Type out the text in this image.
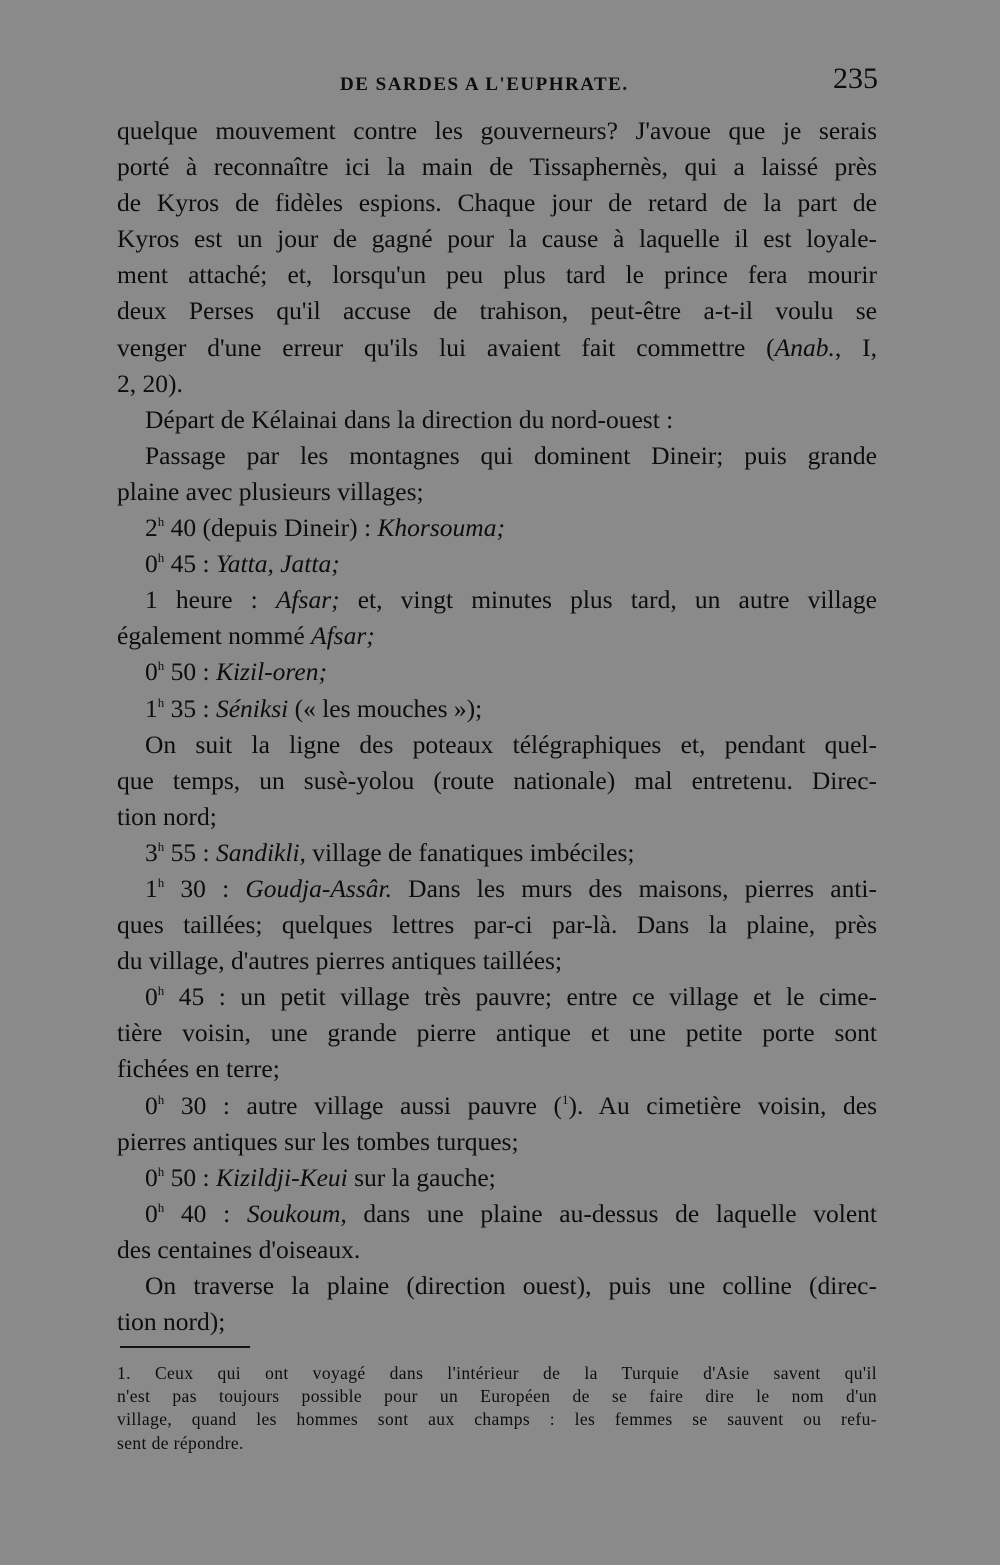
DE SARDES A L'EUPHRATE.	235
quelque mouvement contre les gouverneurs? J'avoue que je serais
porté à reconnaître ici la main de Tissaphernès, qui a laissé près
de Kyros de fidèles espions. Chaque jour de retard de la part de
Kyros est un jour de gagné pour la cause à laquelle il est loyale-
ment attaché; et, lorsqu'un peu plus tard le prince fera mourir
deux Perses qu'il accuse de trahison, peut-être a-t-il voulu se
venger d'une erreur qu'ils lui avaient fait commettre (Anab., I,
2, 20).
Départ de Kélainai dans la direction du nord-ouest :
Passage par les montagnes qui dominent Dineir; puis grande
plaine avec plusieurs villages;
2$^h$ 40 (depuis Dineir) : Khorsouma;
0$^h$ 45 : Yatta, Jatta;
1 heure : Afsar; et, vingt minutes plus tard, un autre village
également nommé Afsar;
0$^h$ 50 : Kizil-oren;
1$^h$ 35 : Séniksi (« les mouches »);
On suit la ligne des poteaux télégraphiques et, pendant quel-
que temps, un susè-yolou (route nationale) mal entretenu. Direc-
tion nord;
3$^h$ 55 : Sandikli, village de fanatiques imbéciles;
1$^h$ 30 : Goudja-Assâr. Dans les murs des maisons, pierres anti-
ques taillées; quelques lettres par-ci par-là. Dans la plaine, près
du village, d'autres pierres antiques taillées;
0$^h$ 45 : un petit village très pauvre; entre ce village et le cime-
tière voisin, une grande pierre antique et une petite porte sont
fichées en terre;
0$^h$ 30 : autre village aussi pauvre ($^1$). Au cimetière voisin, des
pierres antiques sur les tombes turques;
0$^h$ 50 : Kizildji-Keui sur la gauche;
0$^h$ 40 : Soukoum, dans une plaine au-dessus de laquelle volent
des centaines d'oiseaux.
On traverse la plaine (direction ouest), puis une colline (direc-
tion nord);
1. Ceux qui ont voyagé dans l'intérieur de la Turquie d'Asie savent qu'il
n'est pas toujours possible pour un Européen de se faire dire le nom d'un
village, quand les hommes sont aux champs : les femmes se sauvent ou refu-
sent de répondre.
